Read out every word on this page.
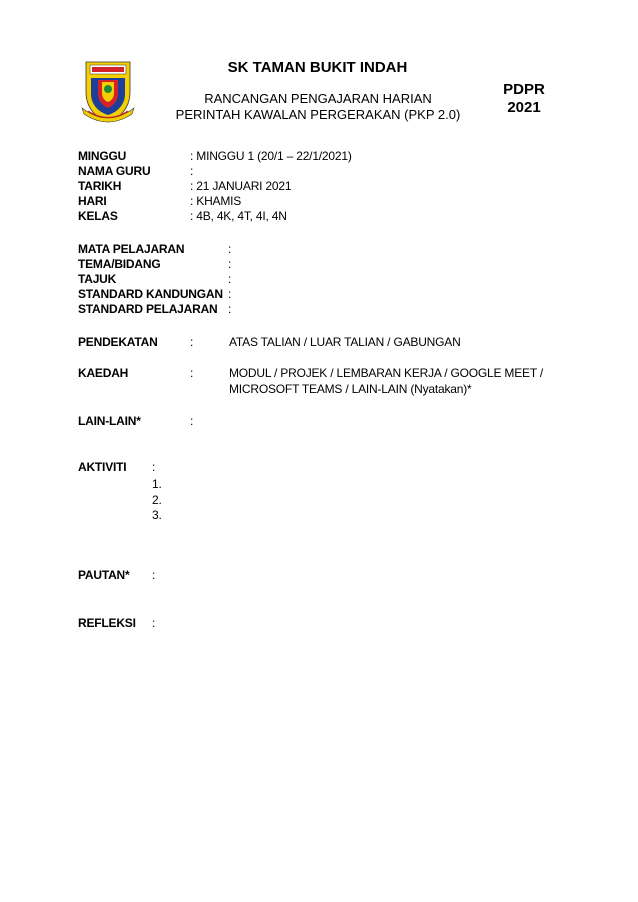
SK TAMAN BUKIT INDAH
RANCANGAN PENGAJARAN HARIAN
PERINTAH KAWALAN PERGERAKAN (PKP 2.0)
PDPR
2021
MINGGU	: MINGGU 1 (20/1 – 22/1/2021)
NAMA GURU	:
TARIKH	: 21 JANUARI 2021
HARI	: KHAMIS
KELAS	: 4B, 4K, 4T, 4I, 4N
MATA PELAJARAN	:
TEMA/BIDANG	:
TAJUK	:
STANDARD KANDUNGAN :
STANDARD PELAJARAN :
PENDEKATAN	:	ATAS TALIAN / LUAR TALIAN / GABUNGAN
KAEDAH	:	MODUL / PROJEK / LEMBARAN KERJA / GOOGLE MEET /
MICROSOFT TEAMS / LAIN-LAIN (Nyatakan)*
LAIN-LAIN*	:
AKTIVITI :
1.
2.
3.
PAUTAN* :
REFLEKSI :
